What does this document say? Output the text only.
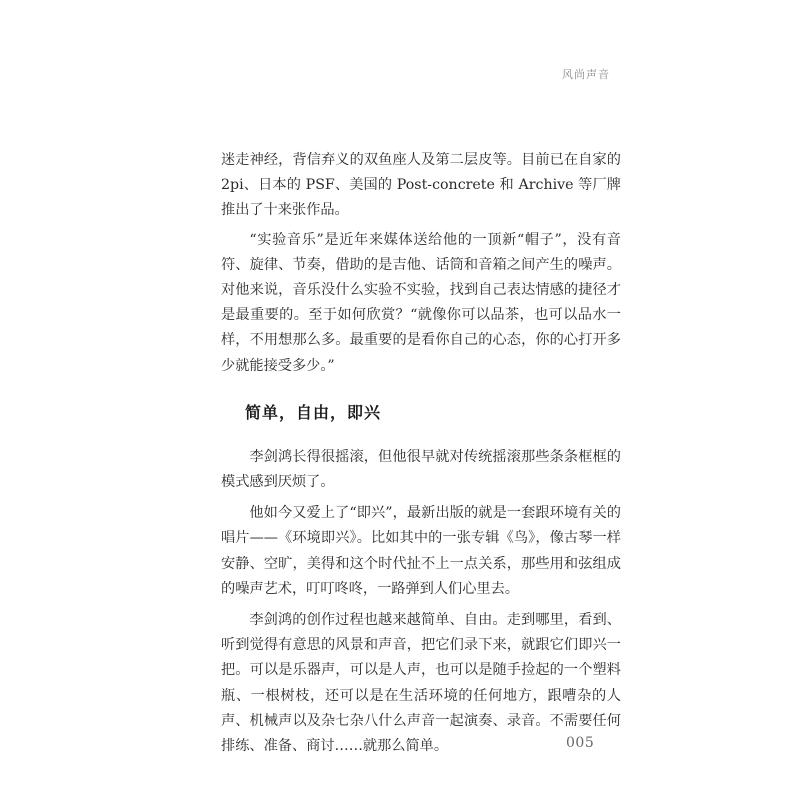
风尚声音

迷走神经，背信弃义的双鱼座人及第二层皮等。目前已在自家的 2pi、日本的 PSF、美国的 Post-concrete 和 Archive 等厂牌推出了十来张作品。

“实验音乐”是近年来媒体送给他的一顶新“帽子”，没有音符、旋律、节奏，借助的是吉他、话筒和音箱之间产生的噪声。对他来说，音乐没什么实验不实验，找到自己表达情感的捷径才是最重要的。至于如何欣赏？“就像你可以品茶，也可以品水一样，不用想那么多。最重要的是看你自己的心态，你的心打开多少就能接受多少。”

简单，自由，即兴

李剑鸿长得很摇滚，但他很早就对传统摇滚那些条条框框的模式感到厌烦了。

他如今又爱上了“即兴”，最新出版的就是一套跟环境有关的唱片——《环境即兴》。比如其中的一张专辑《鸟》，像古琴一样安静、空旷，美得和这个时代扯不上一点关系，那些用和弦组成的噪声艺术，叮叮咚咚，一路弹到人们心里去。

李剑鸿的创作过程也越来越简单、自由。走到哪里，看到、听到觉得有意思的风景和声音，把它们录下来，就跟它们即兴一把。可以是乐器声，可以是人声，也可以是随手捡起的一个塑料瓶、一根树枝，还可以是在生活环境的任何地方，跟嘈杂的人声、机械声以及杂七杂八什么声音一起演奏、录音。不需要任何排练、准备、商讨……就那么简单。	005
